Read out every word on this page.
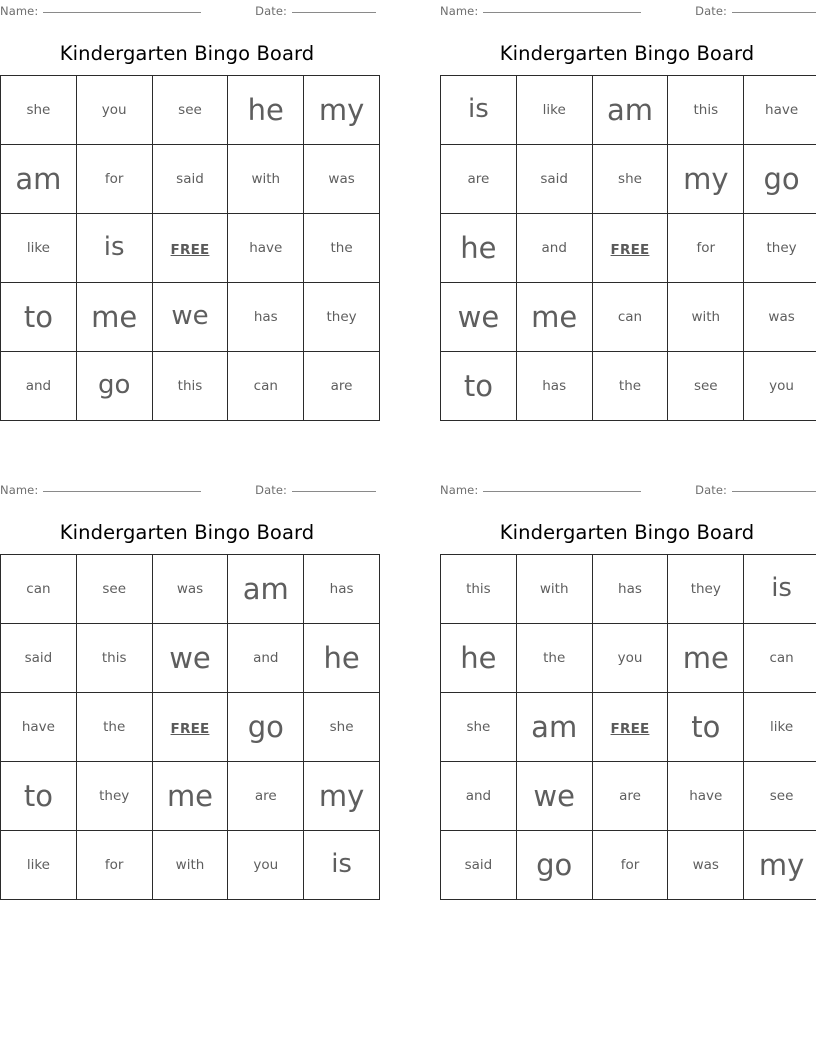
Name:	Date:
Kindergarten Bingo Board
she	you	see	he	my

am	for	said	with	was

like	is	FREE	have	the

to	me	we	has	they

and	go	this	can	are
Name:	Date:
Kindergarten Bingo Board
is	like	am	this	have

are	said	she	my	go

he	and	FREE	for	they

we	me	can	with	was

to	has	the	see	you
Name:	Date:
Kindergarten Bingo Board
can	see	was	am	has

said	this	we	and	he

have	the	FREE	go	she

to	they	me	are	my

like	for	with	you	is
Name:	Date:
Kindergarten Bingo Board
this	with	has	they	is

he	the	you	me	can

she	am	FREE	to	like

and	we	are	have	see

said	go	for	was	my
